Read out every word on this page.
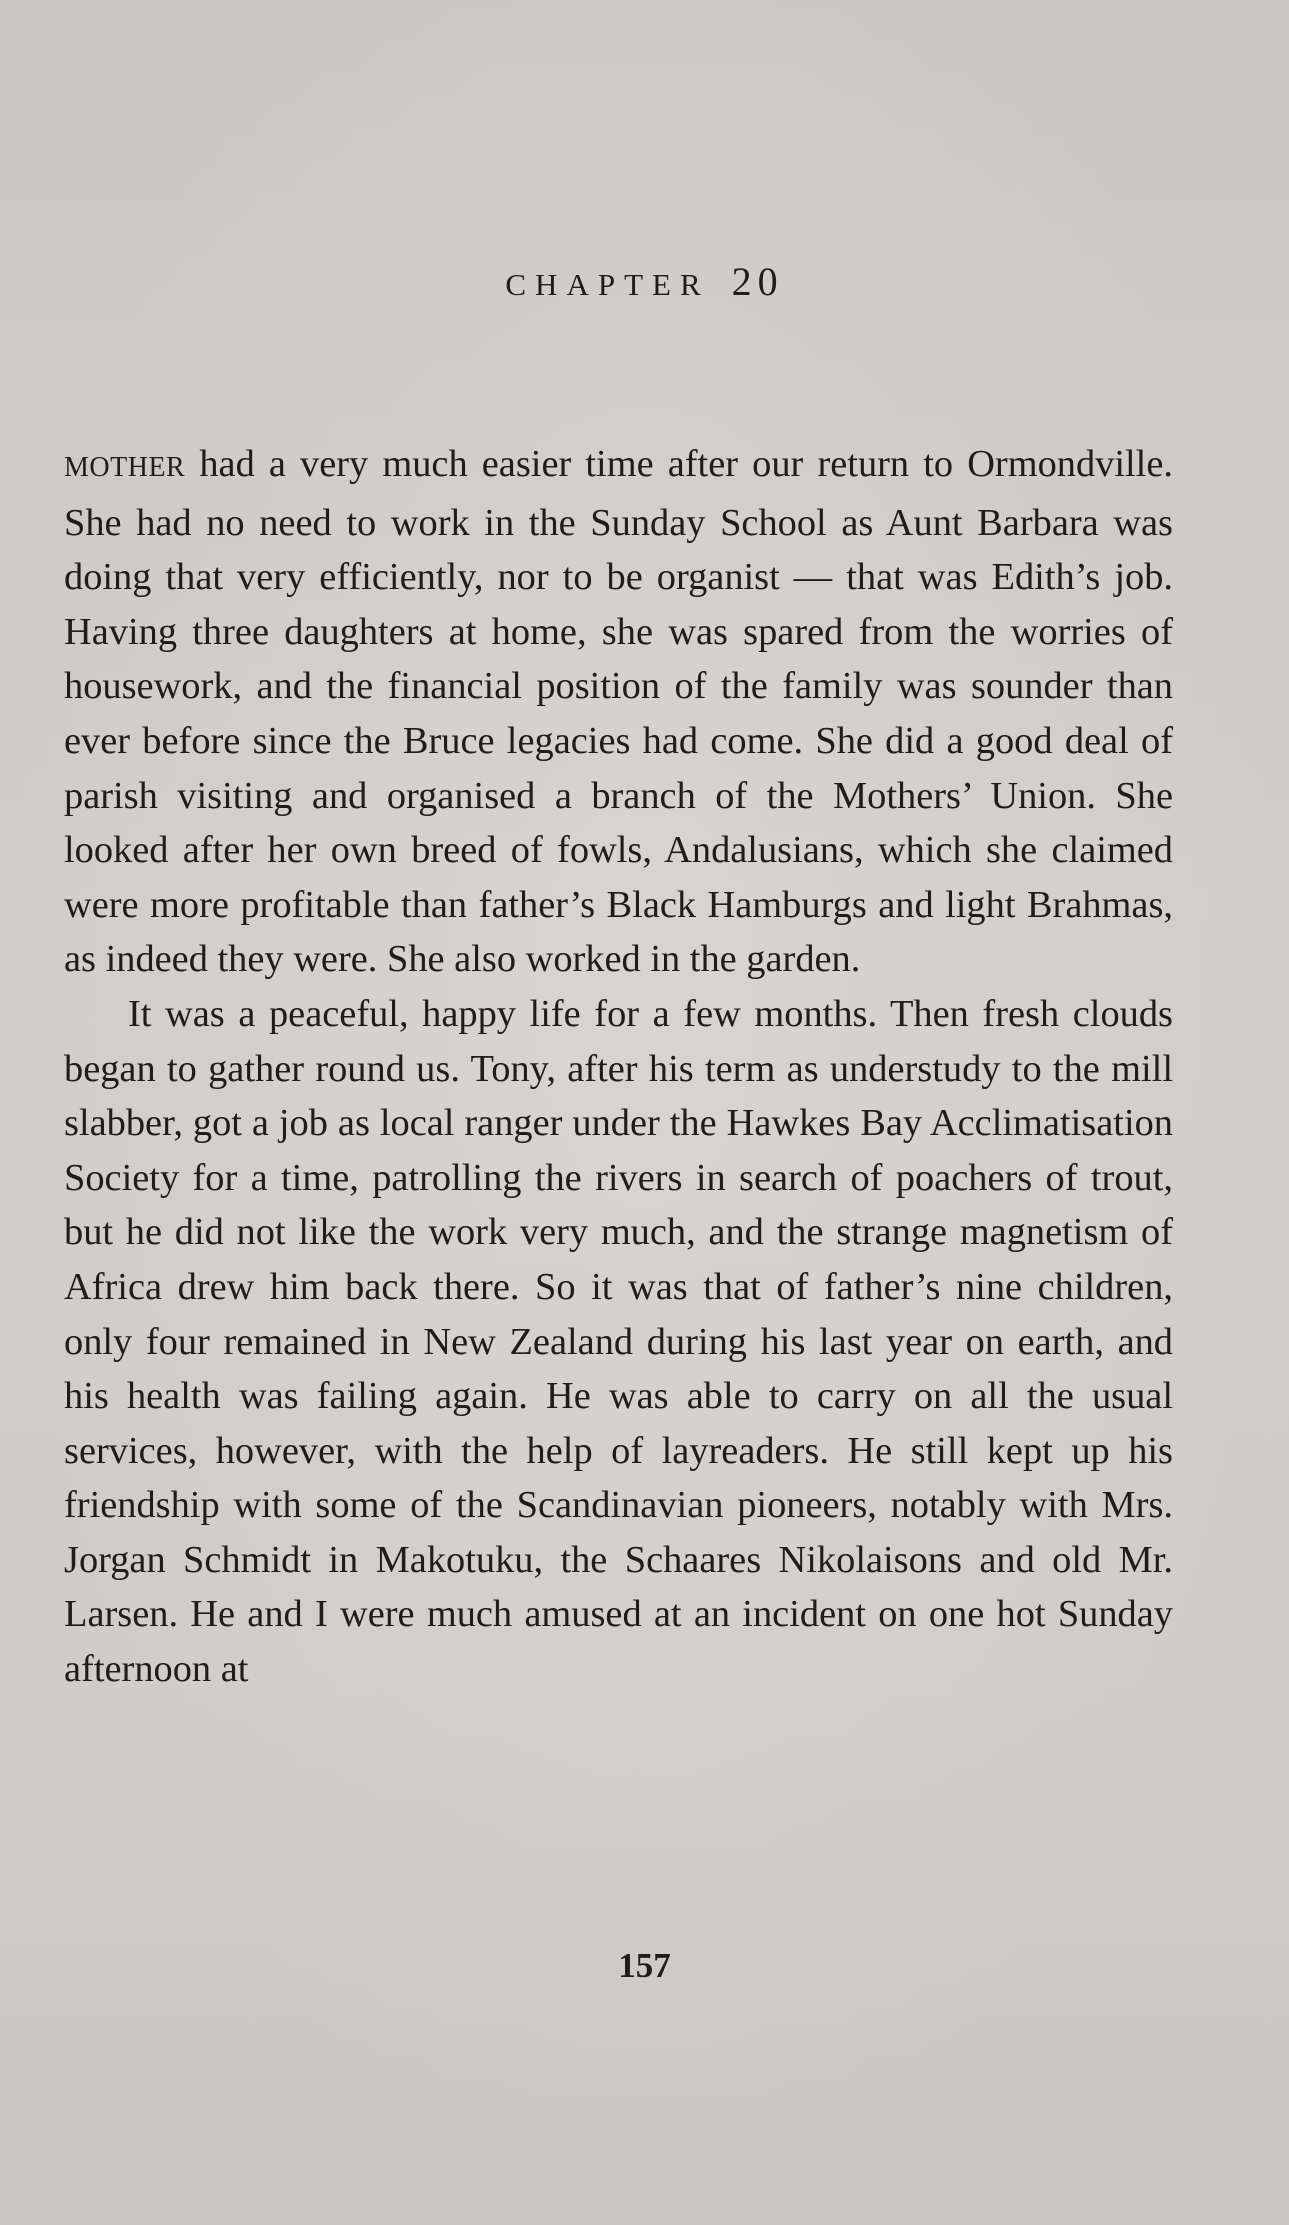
CHAPTER 20

MOTHER had a very much easier time after our return to Ormondville. She had no need to work in the Sunday School as Aunt Barbara was doing that very efficiently, nor to be organist — that was Edith’s job. Having three daughters at home, she was spared from the worries of housework, and the financial position of the family was sounder than ever before since the Bruce legacies had come. She did a good deal of parish visiting and organised a branch of the Mothers’ Union. She looked after her own breed of fowls, Andalusians, which she claimed were more profitable than father’s Black Hamburgs and light Brahmas, as indeed they were. She also worked in the garden.

It was a peaceful, happy life for a few months. Then fresh clouds began to gather round us. Tony, after his term as understudy to the mill slabber, got a job as local ranger under the Hawkes Bay Acclimatisation Society for a time, patrolling the rivers in search of poachers of trout, but he did not like the work very much, and the strange magnetism of Africa drew him back there. So it was that of father’s nine children, only four remained in New Zealand during his last year on earth, and his health was failing again. He was able to carry on all the usual services, however, with the help of layreaders. He still kept up his friendship with some of the Scandinavian pioneers, notably with Mrs. Jorgan Schmidt in Makotuku, the Schaares Nikolaisons and old Mr. Larsen. He and I were much amused at an incident on one hot Sunday afternoon at

157
